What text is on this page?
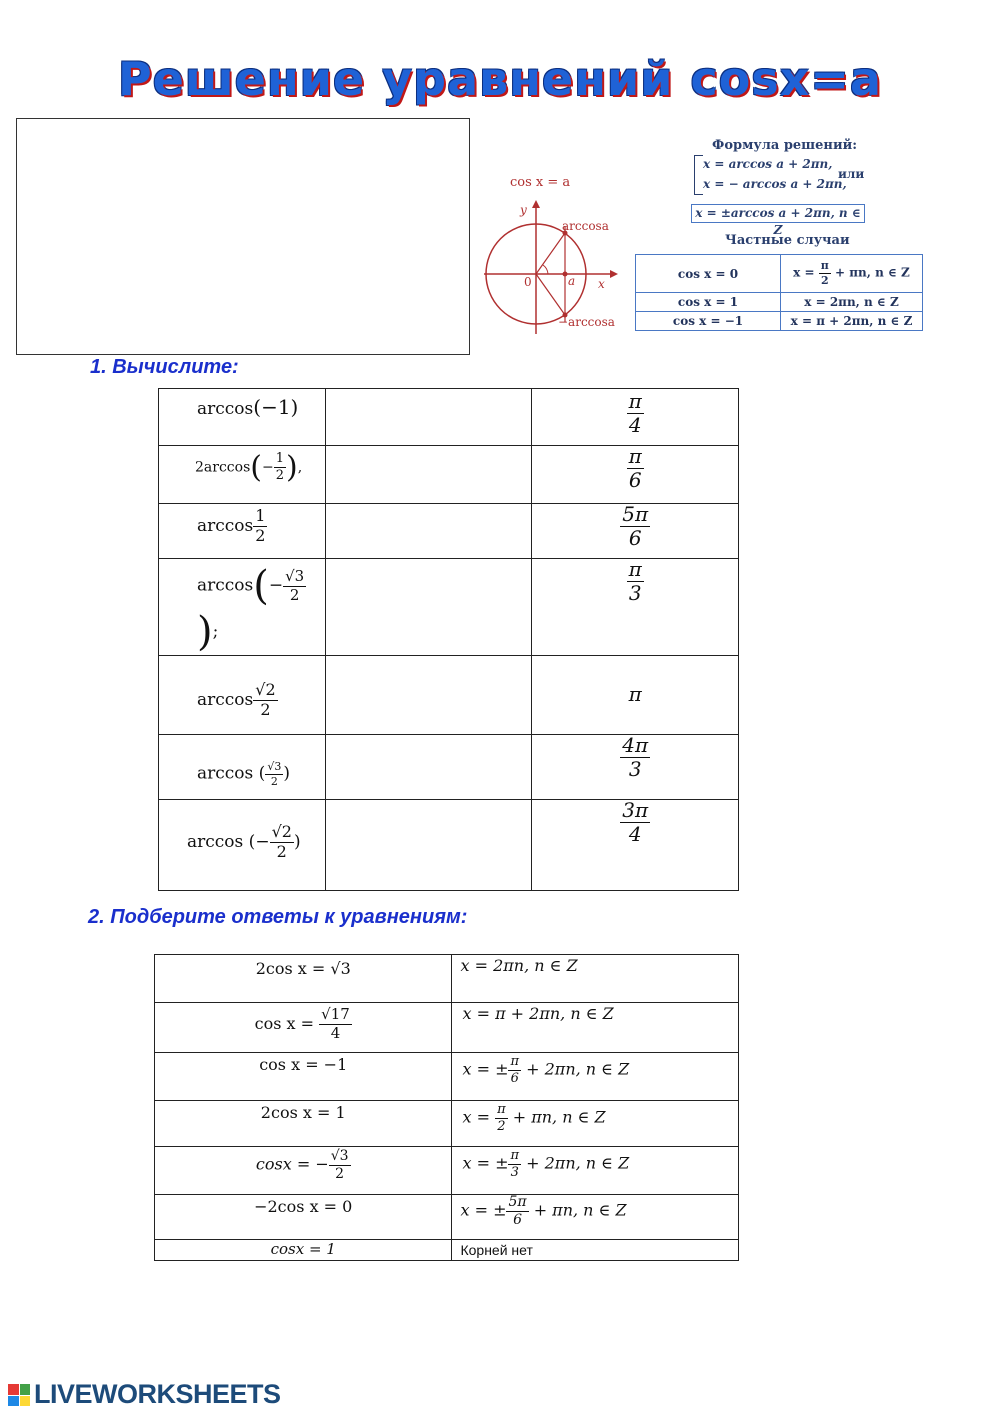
Решение уравнений cosx=a
cos x = a
y
x
0	a
arccosa
−arccosa
Формула решений:
x = arccos a + 2πn,
x = − arccos a + 2πn,
или
x = ±arccos a + 2πn, n ∈ Z
Частные случаи
cos x = 0	$x = \frac{\pi}{2} + \pi n$, n ∈ Z
cos x = 1	x = 2πn, n ∈ Z
cos x = −1	x = π + 2πn, n ∈ Z
1. Вычислите:
arccos(−1)		$\frac{\pi}{4}$

$2\arccos(- \frac{1}{2}$ ),		$\frac{\pi}{6}$

$\arccos \frac{1}{2}$		$\frac{5\pi}{6}$

$\arccos(- \frac{√3}{2}$
);		$\frac{\pi}{3}$

$\arccos \frac{√2}{2}$		π
arccos ( $\frac{√3}{2}$ )		$\frac{4\pi}{3}$

arccos (− $\frac{√2}{2}$ )		$\frac{3\pi}{4}$
2. Подберите ответы к уравнениям:
2cos x = √3	x = 2πn, n ∈ Z
$\cos x = \frac{√17}{4}$	x = π + 2πn, n ∈ Z
cos x = −1	x = ± $\frac{\pi}{6} + 2\pi n$, n ∈ Z
2cos x = 1	$x = \frac{\pi}{2} + \pi n$, n ∈ Z
cosx = − $\frac{√3}{2}$	x = ± $\frac{\pi}{3} + 2\pi n$, n ∈ Z
−2cos x = 0	x = ± $\frac{5\pi}{6} + \pi n$, n ∈ Z
cosx = 1	Корней нет
LIVEWORKSHEETS
